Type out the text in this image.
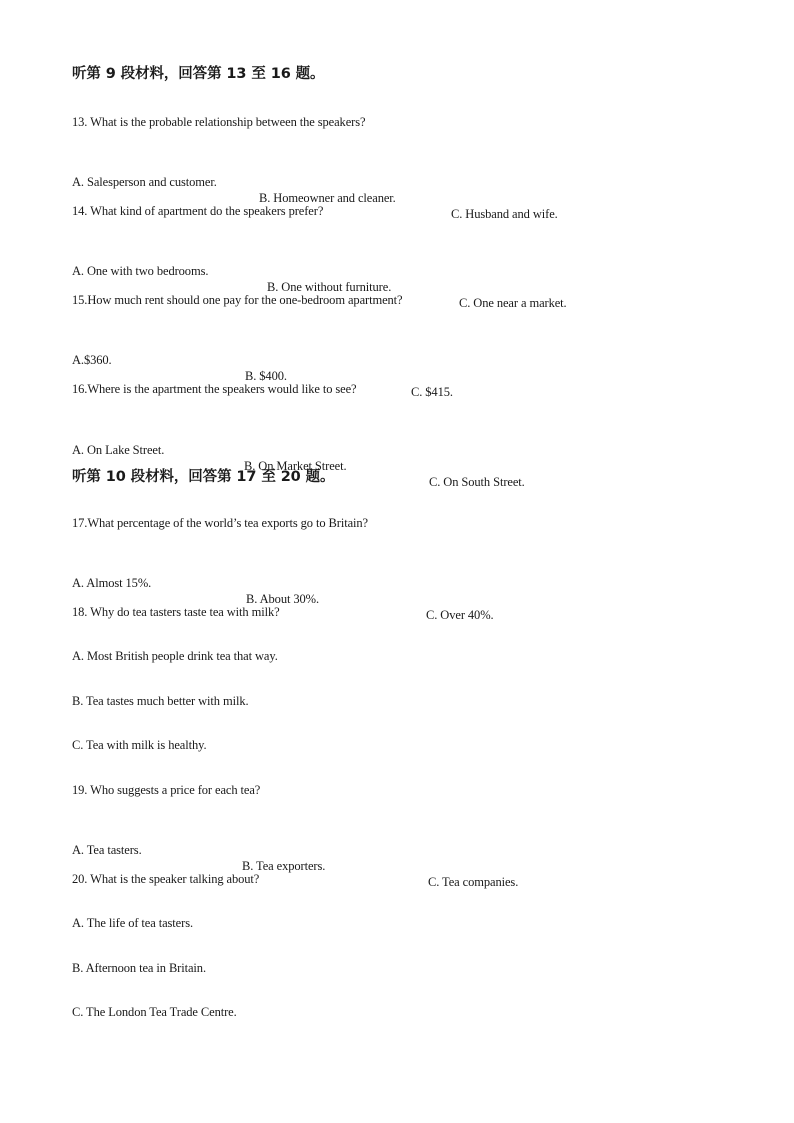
听第 9 段材料，回答第 13 至 16 题。
13. What is the probable relationship between the speakers?

A. Salesperson and customer.

B. Homeowner and cleaner.

C. Husband and wife.

14. What kind of apartment do the speakers prefer?

A. One with two bedrooms.

B. One without furniture.

C. One near a market.

15.How much rent should one pay for the one-bedroom apartment?

A.$360.

B. $400.

C. $415.

16.Where is the apartment the speakers would like to see?

A. On Lake Street.

B. On Market Street.

C. On South Street.

听第 10 段材料，回答第 17 至 20 题。
17.What percentage of the world’s tea exports go to Britain?

A. Almost 15%.

B. About 30%.

C. Over 40%.

18. Why do tea tasters taste tea with milk?
A. Most British people drink tea that way.
B. Tea tastes much better with milk.
C. Tea with milk is healthy.
19. Who suggests a price for each tea?

A. Tea tasters.

B. Tea exporters.

C. Tea companies.

20. What is the speaker talking about?
A. The life of tea tasters.
B. Afternoon tea in Britain.
C. The London Tea Trade Centre.
